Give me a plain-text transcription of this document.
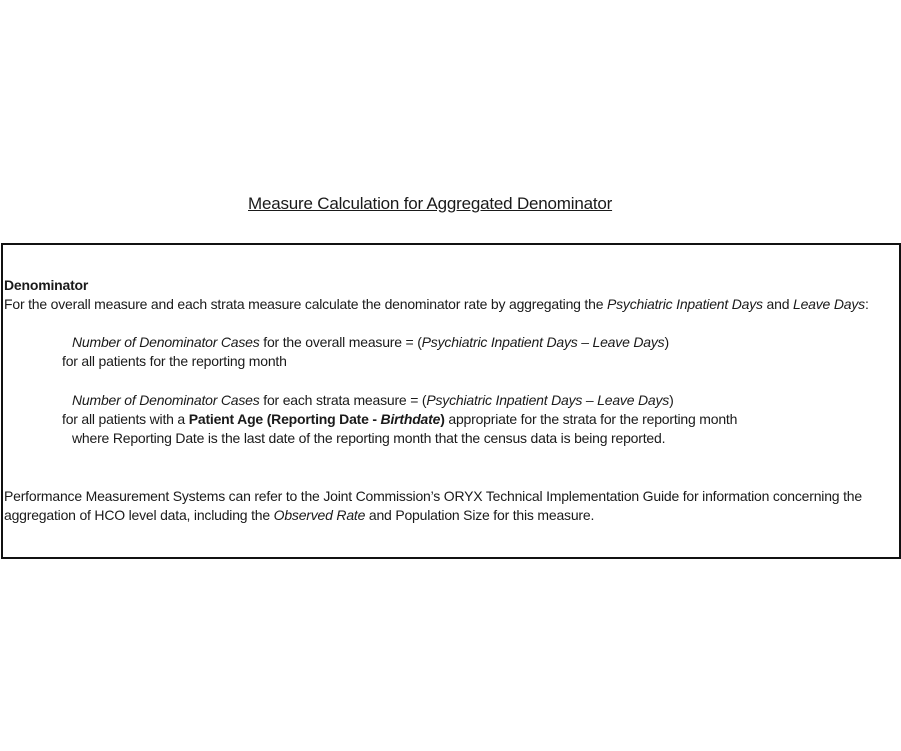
Measure Calculation for Aggregated Denominator
Denominator
For the overall measure and each strata measure calculate the denominator rate by aggregating the Psychiatric Inpatient Days and Leave Days:
Number of Denominator Cases for the overall measure = (Psychiatric Inpatient Days – Leave Days)
for all patients for the reporting month
Number of Denominator Cases for each strata measure = (Psychiatric Inpatient Days – Leave Days)
for all patients with a Patient Age (Reporting Date - Birthdate) appropriate for the strata for the reporting month
where Reporting Date is the last date of the reporting month that the census data is being reported.
Performance Measurement Systems can refer to the Joint Commission’s ORYX Technical Implementation Guide for information concerning the
aggregation of HCO level data, including the Observed Rate and Population Size for this measure.
